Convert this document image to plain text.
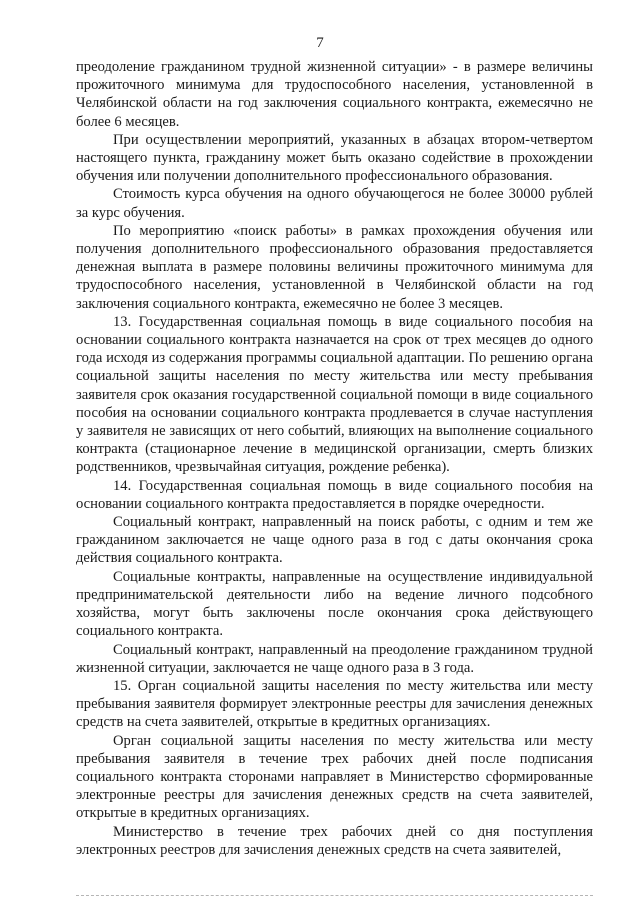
7

преодоление гражданином трудной жизненной ситуации» - в размере величины прожиточного минимума для трудоспособного населения, установленной в Челябинской области на год заключения социального контракта, ежемесячно не более 6 месяцев.

При осуществлении мероприятий, указанных в абзацах втором-четвертом настоящего пункта, гражданину может быть оказано содействие в прохождении обучения или получении дополнительного профессионального образования.

Стоимость курса обучения на одного обучающегося не более 30000 рублей за курс обучения.

По мероприятию «поиск работы» в рамках прохождения обучения или получения дополнительного профессионального образования предоставляется денежная выплата в размере половины величины прожиточного минимума для трудоспособного населения, установленной в Челябинской области на год заключения социального контракта, ежемесячно не более 3 месяцев.

13. Государственная социальная помощь в виде социального пособия на основании социального контракта назначается на срок от трех месяцев до одного года исходя из содержания программы социальной адаптации. По решению органа социальной защиты населения по месту жительства или месту пребывания заявителя срок оказания государственной социальной помощи в виде социального пособия на основании социального контракта продлевается в случае наступления у заявителя не зависящих от него событий, влияющих на выполнение социального контракта (стационарное лечение в медицинской организации, смерть близких родственников, чрезвычайная ситуация, рождение ребенка).

14. Государственная социальная помощь в виде социального пособия на основании социального контракта предоставляется в порядке очередности.

Социальный контракт, направленный на поиск работы, с одним и тем же гражданином заключается не чаще одного раза в год с даты окончания срока действия социального контракта.

Социальные контракты, направленные на осуществление индивидуальной предпринимательской деятельности либо на ведение личного подсобного хозяйства, могут быть заключены после окончания срока действующего социального контракта.

Социальный контракт, направленный на преодоление гражданином трудной жизненной ситуации, заключается не чаще одного раза в 3 года.

15. Орган социальной защиты населения по месту жительства или месту пребывания заявителя формирует электронные реестры для зачисления денежных средств на счета заявителей, открытые в кредитных организациях.

Орган социальной защиты населения по месту жительства или месту пребывания заявителя в течение трех рабочих дней после подписания социального контракта сторонами направляет в Министерство сформированные электронные реестры для зачисления денежных средств на счета заявителей, открытые в кредитных организациях.

Министерство в течение трех рабочих дней со дня поступления электронных реестров для зачисления денежных средств на счета заявителей,
